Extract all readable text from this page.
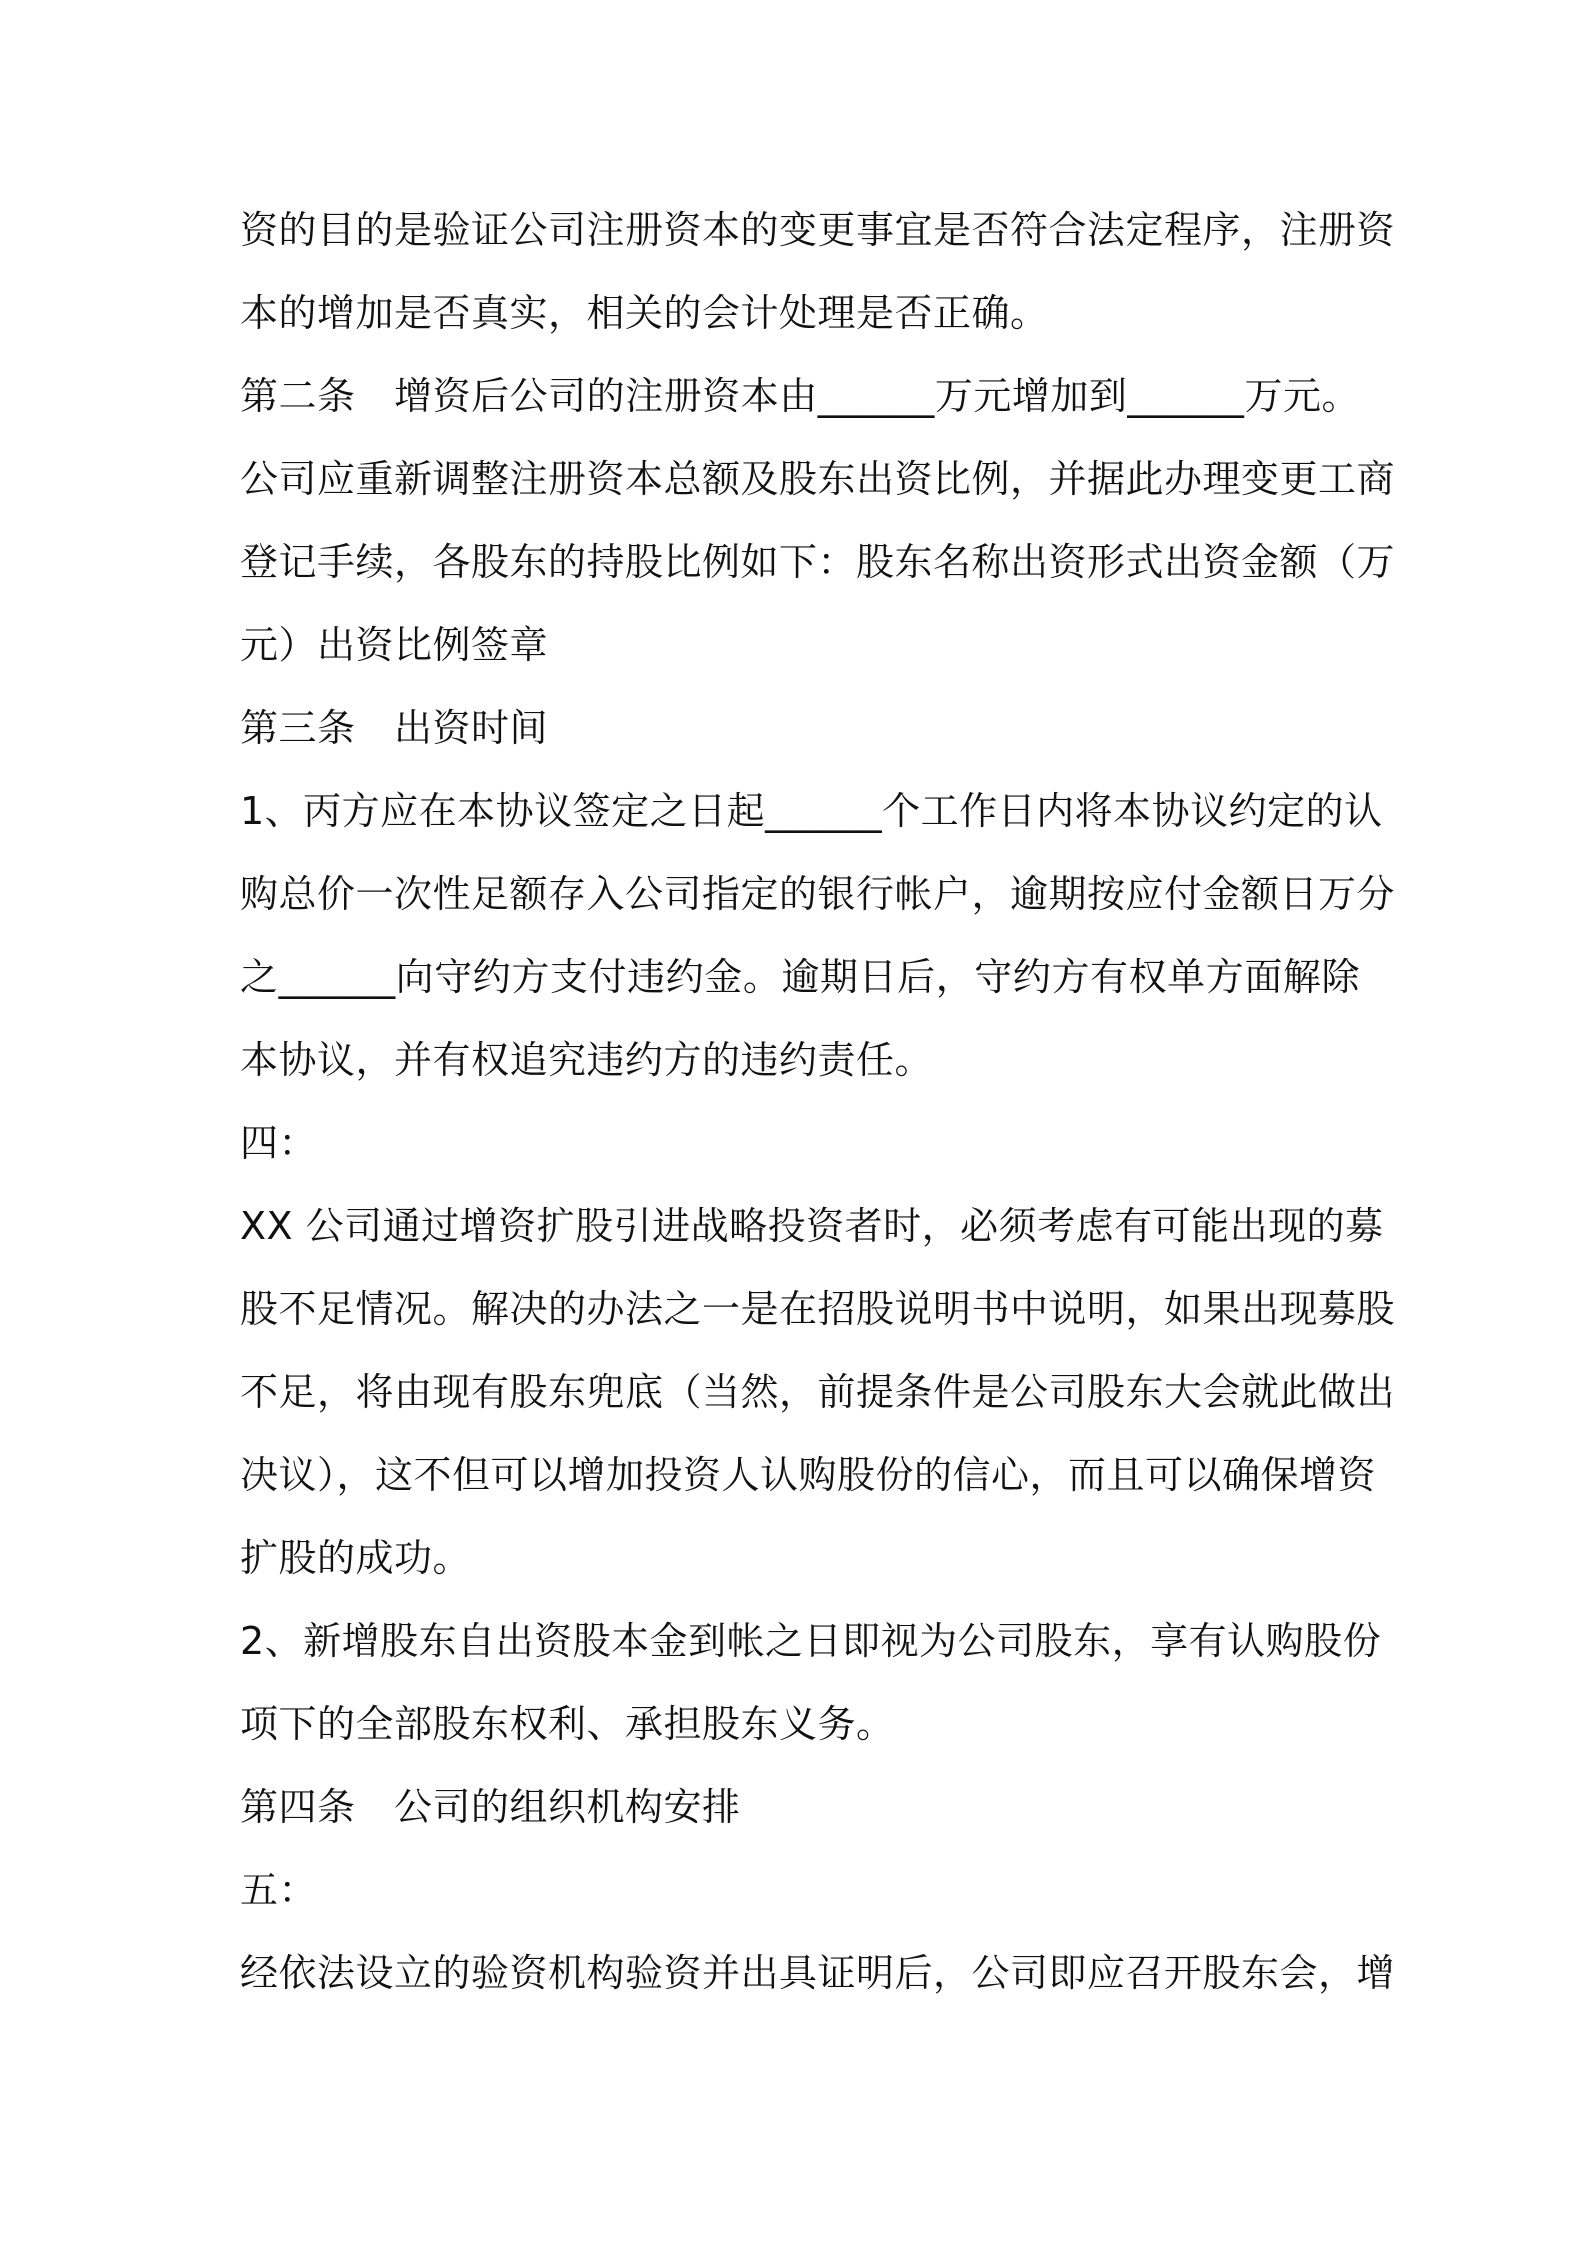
资的目的是验证公司注册资本的变更事宜是否符合法定程序，注册资
本的增加是否真实，相关的会计处理是否正确。
第二条　增资后公司的注册资本由______万元增加到______万元。
公司应重新调整注册资本总额及股东出资比例，并据此办理变更工商
登记手续，各股东的持股比例如下：股东名称出资形式出资金额（万
元）出资比例签章
第三条　出资时间
1、丙方应在本协议签定之日起______个工作日内将本协议约定的认
购总价一次性足额存入公司指定的银行帐户，逾期按应付金额日万分
之______向守约方支付违约金。逾期日后，守约方有权单方面解除
本协议，并有权追究违约方的违约责任。
四：
XX 公司通过增资扩股引进战略投资者时，必须考虑有可能出现的募
股不足情况。解决的办法之一是在招股说明书中说明，如果出现募股
不足，将由现有股东兜底（当然，前提条件是公司股东大会就此做出
决议），这不但可以增加投资人认购股份的信心，而且可以确保增资
扩股的成功。
2、新增股东自出资股本金到帐之日即视为公司股东，享有认购股份
项下的全部股东权利、承担股东义务。
第四条　公司的组织机构安排
五：
经依法设立的验资机构验资并出具证明后，公司即应召开股东会，增
